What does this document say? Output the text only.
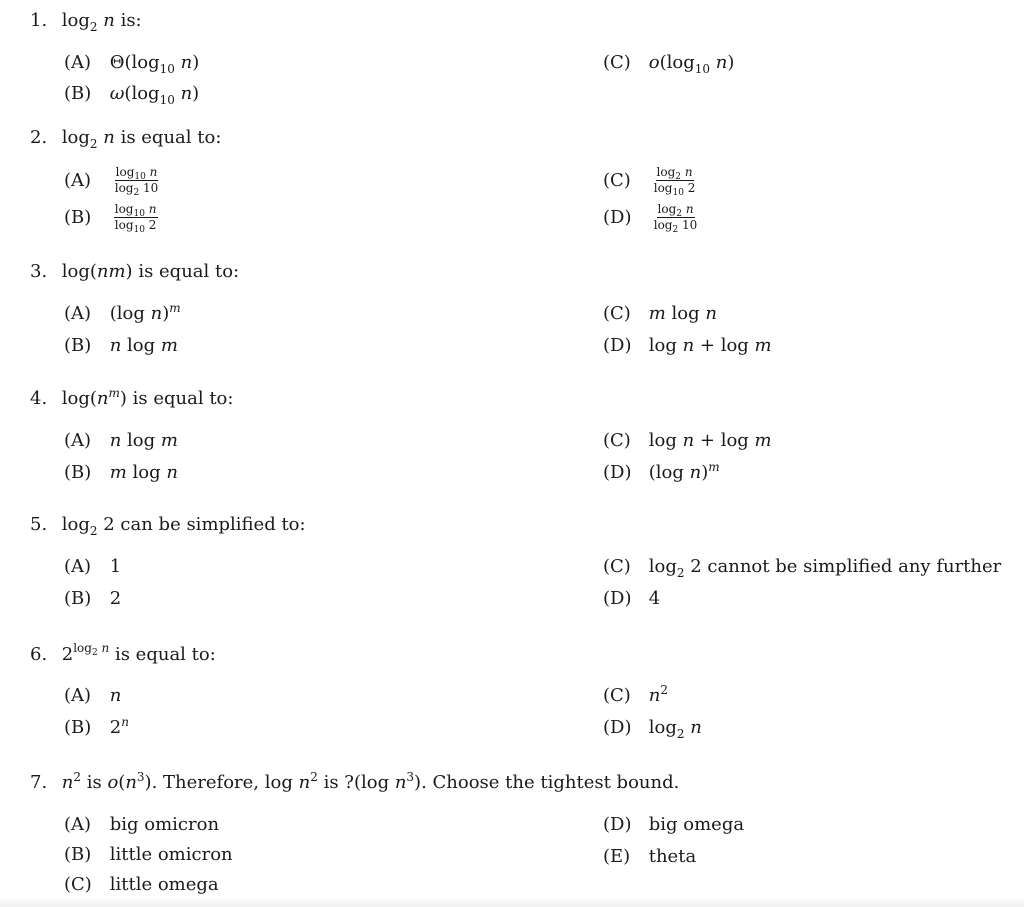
1. $\log_2 n$ is:
(A) $\Theta(\log_{10}$ n)
(B) $\omega(\log_{10}$ n)
(C) $o(\log_{10}$ n)
2. $\log_2 n$ is equal to:
$(A) \frac{\log_{10} n}{\log_2 10}$
$(B) \frac{\log_{10} n}{\log_{10} 2}$
$(C) \frac{\log_2 n}{\log_{10} 2}$
$(D) \frac{\log_2 n}{\log_2 10}$
3. log(nm) is equal to:
(A) (log n)$^m$
(B) n log m
(C) m log n
(D) log n + log m
4. $\log(n^m)$ is equal to:
(A) n log m
(B) m log n
(C) log n + log m
(D) (log n)$^m$
5. $\log_2 2$ can be simplified to:
(A) 1
(B) 2
(C) $\log_2 2$ cannot be simplified any further
(D) 4
6. $2^{log_2 n}$ is equal to:
(A) n
(B) 2$^n$
(C) $n^2$
(D) $\log_2 n$
7. $n^2$ is $o(n^3)$. Therefore, $\log n^2$ is ?(log $n^3$). Choose the tightest bound.
(A) big omicron
(B) little omicron
(C) little omega
(D) big omega
(E) theta
